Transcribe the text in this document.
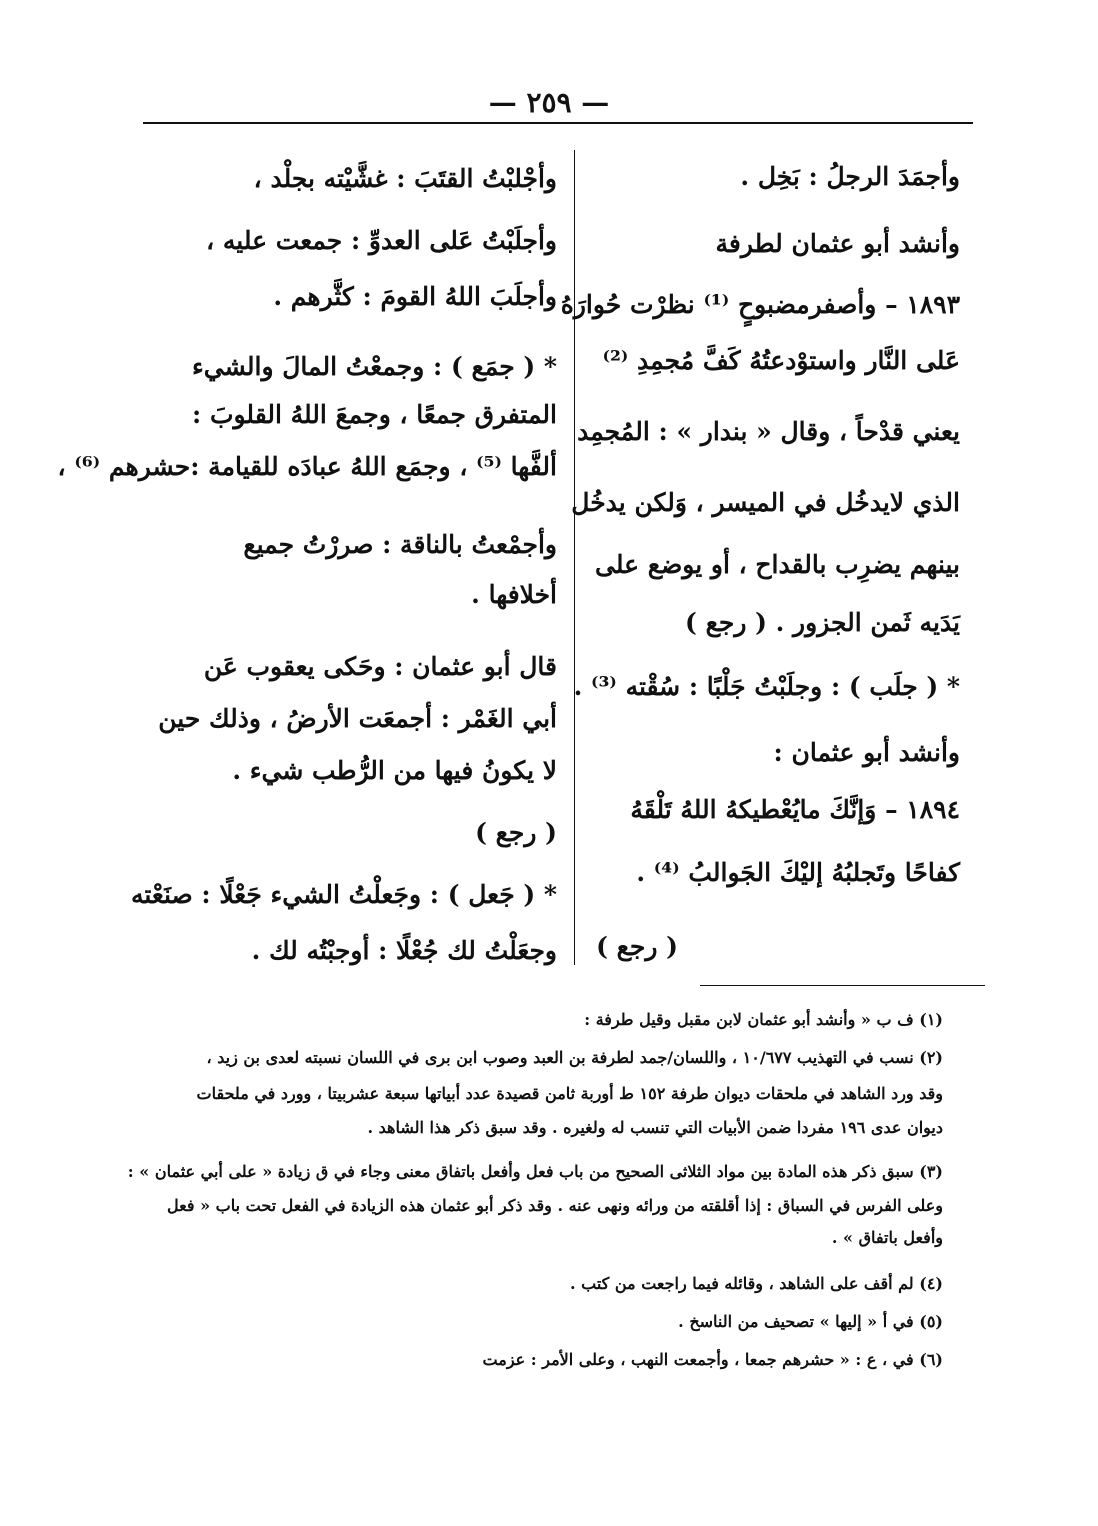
— ٢٥٩ —
وأجمَدَ الرجلُ : بَخِل .
وأنشد أبو عثمان لطرفة
١٨٩٣ – وأصفرمضبوحٍ ⁽¹⁾ نظرْت حُوارَهُ
عَلى النَّار واستوْدعتُهُ كَفَّ مُجمِدِ ⁽²⁾
يعني قدْحاً ، وقال « بندار » : المُجمِد
الذي لايدخُل في الميسر ، وَلكن يدخُل
بينهم يضرِب بالقداح ، أو يوضع على
يَدَيه ثَمن الجزور . ( رجع )
* ( جلَب ) : وجلَبْتُ جَلْبًا : سُقْته ⁽³⁾ .
وأنشد أبو عثمان :
١٨٩٤ – وَإنَّكَ مايُعْطيكهُ اللهُ تَلْقَهُ
كفاحًا وتَجلبُهُ إليْكَ الجَوالبُ ⁽⁴⁾ .
( رجع )
وأجْلبْتُ القتَبَ : غشَّيْته بجلْد ،
وأجلَبْتُ عَلى العدوِّ : جمعت عليه ،
وأجلَبَ اللهُ القومَ : كثَّرهم .
* ( جمَع ) : وجمعْتُ المالَ والشيء
المتفرق جمعًا ، وجمعَ اللهُ القلوبَ :
ألفَّها ⁽⁵⁾ ، وجمَع اللهُ عبادَه للقيامة :حشرهم ⁽⁶⁾ ،
وأجمْعتُ بالناقة : صررْتُ جميع
أخلافها .
قال أبو عثمان : وحَكى يعقوب عَن
أبي الغَمْر : أجمعَت الأرضُ ، وذلك حين
لا يكونُ فيها من الرُّطب شيء .
( رجع )
* ( جَعل ) : وجَعلْتُ الشيء جَعْلًا : صنَعْته
وجعَلْتُ لك جُعْلًا : أوجبْتُه لك .
(١) ف ب « وأنشد أبو عثمان لابن مقبل وقيل طرفة :
(٢) نسب في التهذيب ١٠/٦٧٧ ، واللسان/جمد لطرفة بن العبد وصوب ابن برى في اللسان نسبته لعدى بن زيد ،
وقد ورد الشاهد في ملحقات ديوان طرفة ١٥٢ ط أوربة ثامن قصيدة عدد أبياتها سبعة عشربيتا ، وورد في ملحقات
ديوان عدى ١٩٦ مفردا ضمن الأبيات التي تنسب له ولغيره . وقد سبق ذكر هذا الشاهد .
(٣) سبق ذكر هذه المادة بين مواد الثلاثى الصحيح من باب فعل وأفعل باتفاق معنى وجاء في ق زيادة « على أبي عثمان » :
وعلى الفرس في السباق : إذا أقلقته من ورائه ونهى عنه . وقد ذكر أبو عثمان هذه الزيادة في الفعل تحت باب « فعل
وأفعل باتفاق » .
(٤) لم أقف على الشاهد ، وقائله فيما راجعت من كتب .
(٥) في أ « إليها » تصحيف من الناسخ .
(٦) في ، ع : « حشرهم جمعا ، وأجمعت النهب ، وعلى الأمر : عزمت
